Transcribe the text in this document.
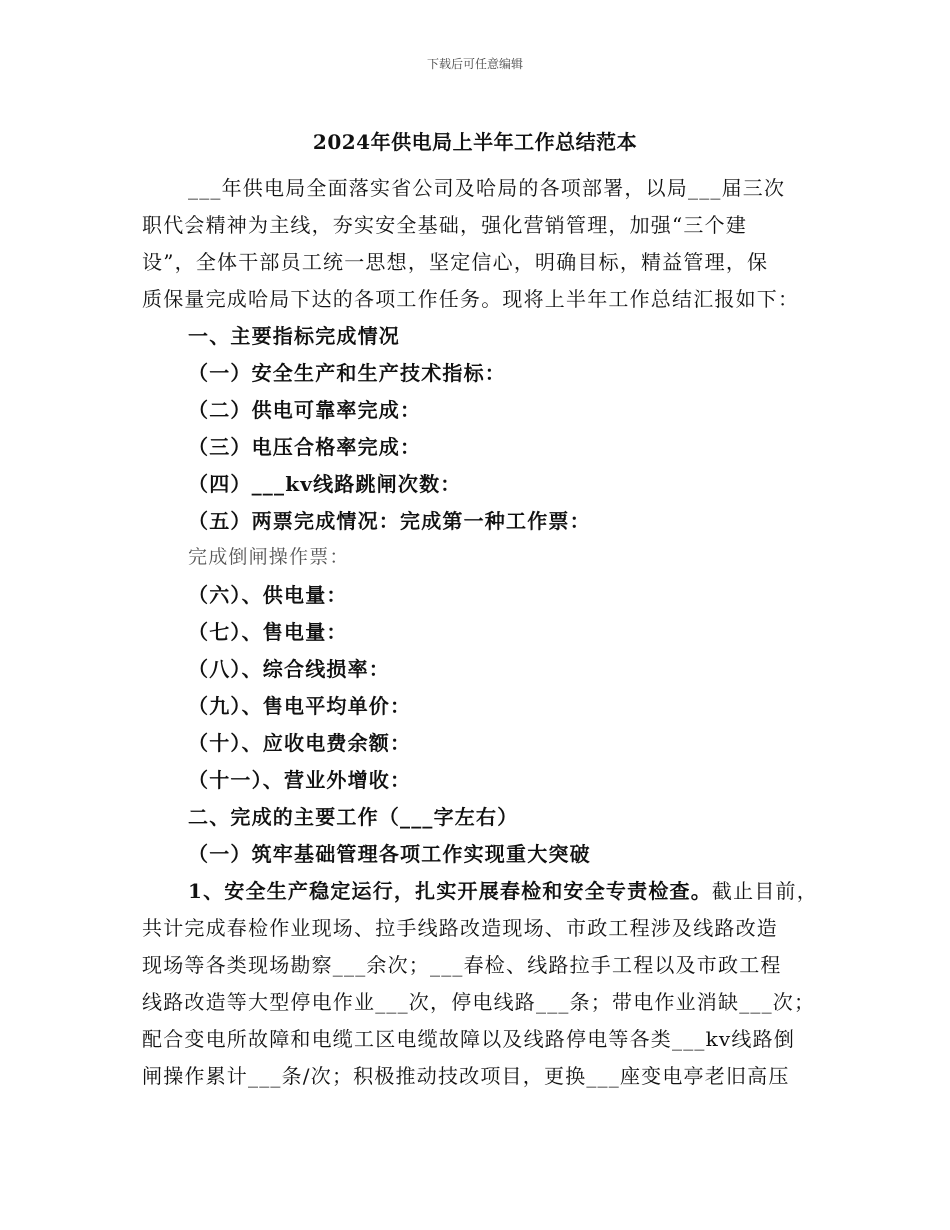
下载后可任意编辑
2024年供电局上半年工作总结范本
___年供电局全面落实省公司及哈局的各项部署，以局___届三次
职代会精神为主线，夯实安全基础，强化营销管理，加强“三个建
设”，全体干部员工统一思想，坚定信心，明确目标，精益管理，保
质保量完成哈局下达的各项工作任务。现将上半年工作总结汇报如下：
一、主要指标完成情况
（一）安全生产和生产技术指标：
（二）供电可靠率完成：
（三）电压合格率完成：
（四）___kv线路跳闸次数：
（五）两票完成情况：完成第一种工作票：
完成倒闸操作票：
（六）、供电量：
（七）、售电量：
（八）、综合线损率：
（九）、售电平均单价：
（十）、应收电费余额：
（十一）、营业外增收：
二、完成的主要工作（___字左右）
（一）筑牢基础管理各项工作实现重大突破
1、安全生产稳定运行，扎实开展春检和安全专责检查。截止目前，
共计完成春检作业现场、拉手线路改造现场、市政工程涉及线路改造
现场等各类现场勘察___余次；___春检、线路拉手工程以及市政工程
线路改造等大型停电作业___次，停电线路___条；带电作业消缺___次；
配合变电所故障和电缆工区电缆故障以及线路停电等各类___kv线路倒
闸操作累计___条/次；积极推动技改项目，更换___座变电亭老旧高压
